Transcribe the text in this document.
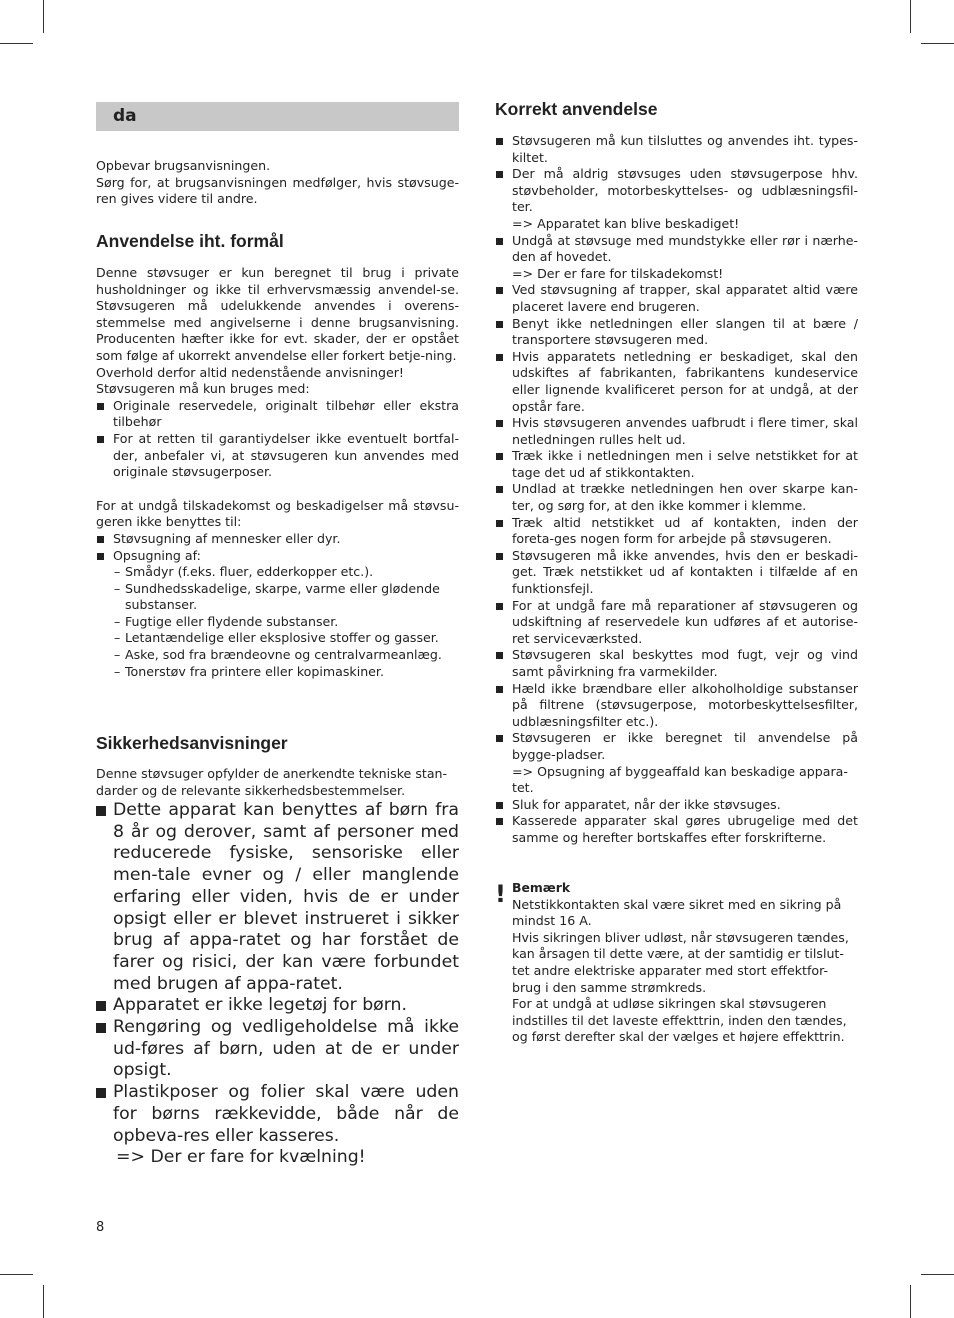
da

Opbevar brugsanvisningen.

Sørg for, at brugsanvisningen medfølger, hvis støvsuge-ren gives videre til andre.

Anvendelse iht. formål

Denne støvsuger er kun beregnet til brug i private husholdninger og ikke til erhvervsmæssig anvendel-se. Støvsugeren må udelukkende anvendes i overens-stemmelse med angivelserne i denne brugsanvisning. Producenten hæfter ikke for evt. skader, der er opstået som følge af ukorrekt anvendelse eller forkert betje-ning.

Overhold derfor altid nedenstående anvisninger!

Støvsugeren må kun bruges med:

Originale reservedele, originalt tilbehør eller ekstra tilbehør
For at retten til garantiydelser ikke eventuelt bortfal-der, anbefaler vi, at støvsugeren kun anvendes med originale støvsugerposer.

For at undgå tilskadekomst og beskadigelser må støvsu-geren ikke benyttes til:

Støvsugning af mennesker eller dyr.
Opsugning af:
– Smådyr (f.eks. fluer, edderkopper etc.).
– Sundhedsskadelige, skarpe, varme eller glødende substanser.
– Fugtige eller flydende substanser.
– Letantændelige eller eksplosive stoffer og gasser.
– Aske, sod fra brændeovne og centralvarmeanlæg.
– Tonerstøv fra printere eller kopimaskiner.
Sikkerhedsanvisninger

Denne støvsuger opfylder de anerkendte tekniske stan-darder og de relevante sikkerhedsbestemmelser.

Dette apparat kan benyttes af børn fra 8 år og derover, samt af personer med reducerede fysiske, sensoriske eller men-tale evner og / eller manglende erfaring eller viden, hvis de er under opsigt eller er blevet instrueret i sikker brug af appa-ratet og har forstået de farer og risici, der kan være forbundet med brugen af appa-ratet.
Apparatet er ikke legetøj for børn.
Rengøring og vedligeholdelse må ikke ud-føres af børn, uden at de er under opsigt.
Plastikposer og folier skal være uden for børns rækkevidde, både når de opbeva-res eller kasseres.
=> Der er fare for kvælning!
Korrekt anvendelse
Støvsugeren må kun tilsluttes og anvendes iht. types-kiltet.
Der må aldrig støvsuges uden støvsugerpose hhv. støvbeholder, motorbeskyttelses- og udblæsningsfil-ter.
=> Apparatet kan blive beskadiget!
Undgå at støvsuge med mundstykke eller rør i nærhe-den af hovedet.
=> Der er fare for tilskadekomst!
Ved støvsugning af trapper, skal apparatet altid være placeret lavere end brugeren.
Benyt ikke netledningen eller slangen til at bære / transportere støvsugeren med.
Hvis apparatets netledning er beskadiget, skal den udskiftes af fabrikanten, fabrikantens kundeservice eller lignende kvalificeret person for at undgå, at der opstår fare.
Hvis støvsugeren anvendes uafbrudt i flere timer, skal netledningen rulles helt ud.
Træk ikke i netledningen men i selve netstikket for at tage det ud af stikkontakten.
Undlad at trække netledningen hen over skarpe kan-ter, og sørg for, at den ikke kommer i klemme.
Træk altid netstikket ud af kontakten, inden der foreta-ges nogen form for arbejde på støvsugeren.
Støvsugeren må ikke anvendes, hvis den er beskadi-get. Træk netstikket ud af kontakten i tilfælde af en funktionsfejl.
For at undgå fare må reparationer af støvsugeren og udskiftning af reservedele kun udføres af et autorise-ret serviceværksted.
Støvsugeren skal beskyttes mod fugt, vejr og vind samt påvirkning fra varmekilder.
Hæld ikke brændbare eller alkoholholdige substanser på filtrene (støvsugerpose, motorbeskyttelsesfilter, udblæsningsfilter etc.).
Støvsugeren er ikke beregnet til anvendelse på bygge-pladser.
=> Opsugning af byggeaffald kan beskadige appara-tet.
Sluk for apparatet, når der ikke støvsuges.
Kasserede apparater skal gøres ubrugelige med det samme og herefter bortskaffes efter forskrifterne.
! Bemærk
Netstikkontakten skal være sikret med en sikring på mindst 16 A.
Hvis sikringen bliver udløst, når støvsugeren tændes, kan årsagen til dette være, at der samtidig er tilslut-tet andre elektriske apparater med stort effektfor-brug i den samme strømkreds.
For at undgå at udløse sikringen skal støvsugeren indstilles til det laveste effekttrin, inden den tændes, og først derefter skal der vælges et højere effekttrin.
8
